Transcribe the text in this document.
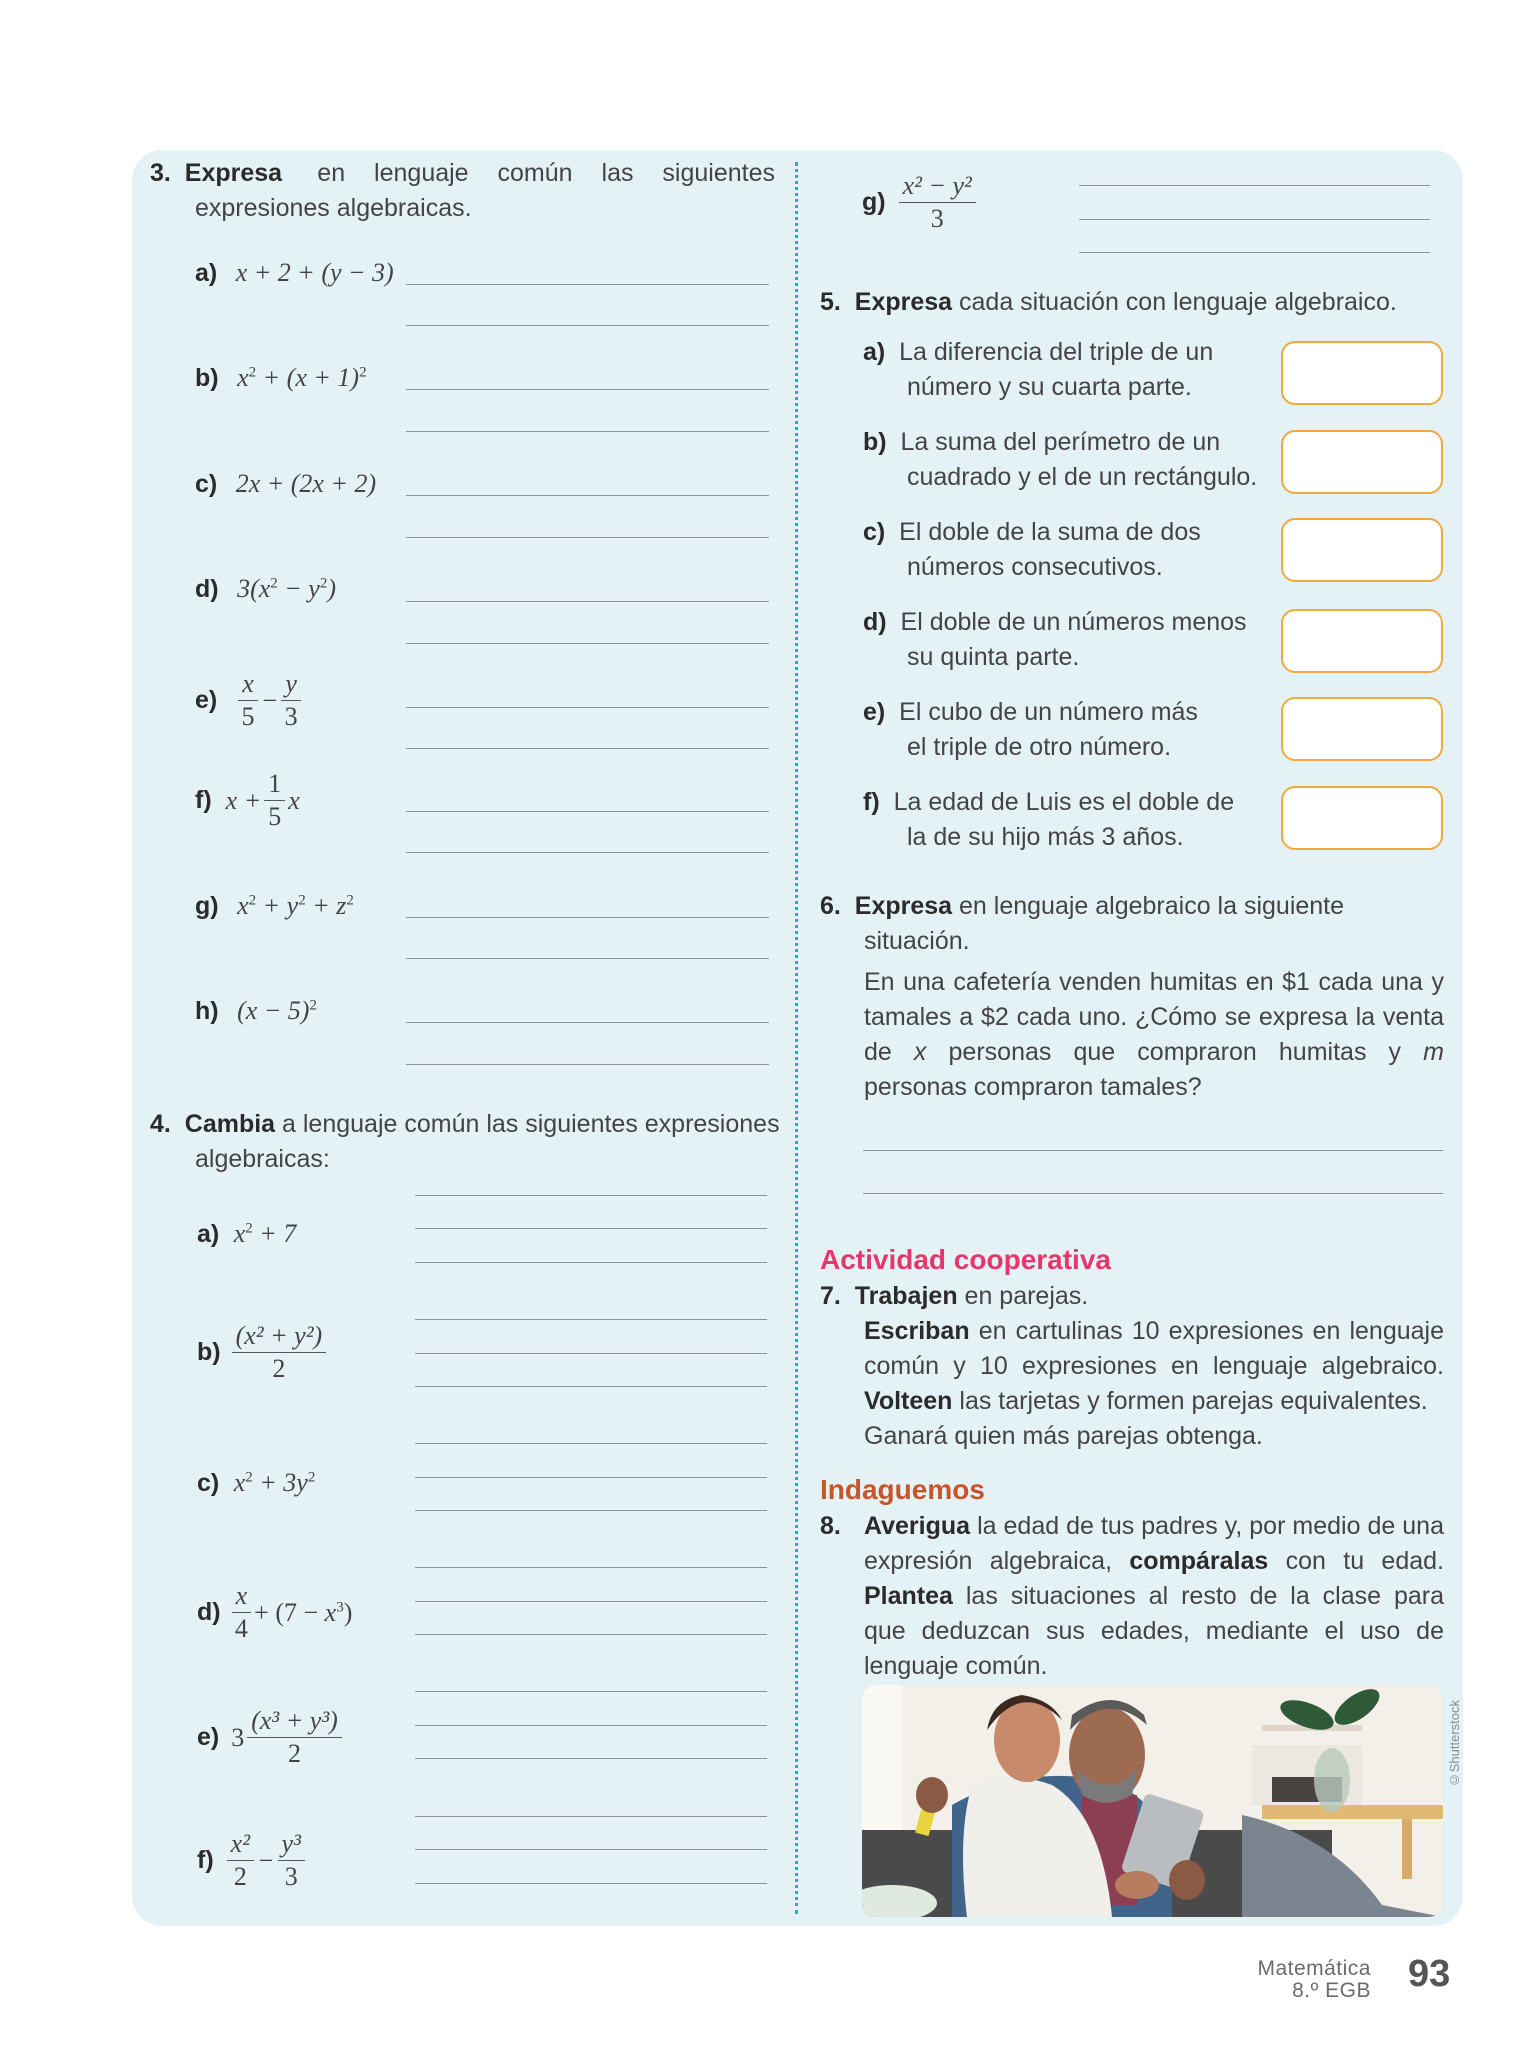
3. Expresa en lenguaje común las siguientes
expresiones algebraicas.
a) x + 2 + (y − 3)
b) $x^2 + (x + 1)^2$
c) 2x + (2x + 2)
d) $3(x^2 - y^2)$
$e) \frac{x}{5} - \frac{y}{3}$
f) $x + \frac{1}{5}$ x
g) $x^2 + y^2 + z^2$
h) $(x - 5)^2$
4. Cambia a lenguaje común las siguientes expresiones
algebraicas:
a) $x^2 + 7$
$b) \frac{\text{(x² + y²)}}{2}$
c) $x^2 + 3y^2$
$d) \frac{x}{4} + (7 - x^3)$
e) $3 \frac{\text{(x³ + y³)}}{2}$
$f) \frac{\text{x²}}{2} - \frac{\text{y³}}{3}$
$g) \frac{\text{x² − y²}}{3}$
5. Expresa cada situación con lenguaje algebraico.
a) La diferencia del triple de un
número y su cuarta parte.
b) La suma del perímetro de un
cuadrado y el de un rectángulo.
c) El doble de la suma de dos
números consecutivos.
d) El doble de un números menos
su quinta parte.
e) El cubo de un número más
el triple de otro número.
f) La edad de Luis es el doble de
la de su hijo más 3 años.
6. Expresa en lenguaje algebraico la siguiente
situación.
En una cafetería venden humitas en $1 cada una y tamales a $2 cada uno. ¿Cómo se expresa la venta de x personas que compraron humitas y m personas compraron tamales?
Actividad cooperativa
7. Trabajen en parejas.
Escriban en cartulinas 10 expresiones en lenguaje común y 10 expresiones en lenguaje algebraico. Volteen las tarjetas y formen parejas equivalentes.
Ganará quien más parejas obtenga.
Indaguemos
8. Averigua la edad de tus padres y, por medio de una expresión algebraica, compáralas con tu edad. Plantea las situaciones al resto de la clase para que deduzcan sus edades, mediante el uso de lenguaje común.
©Shutterstock
Matemática
8.º EGB 93
